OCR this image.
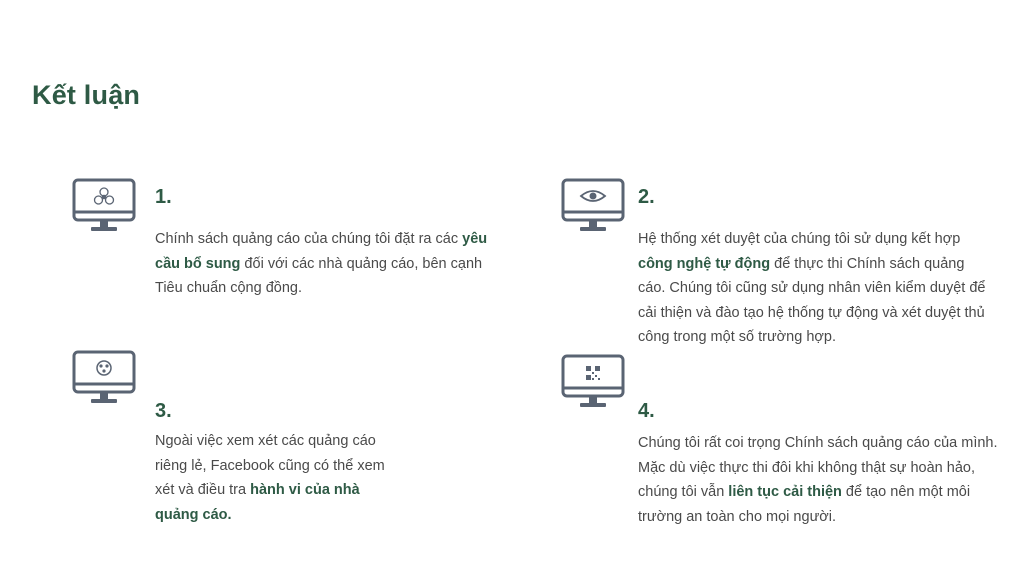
Kết luận
1.

Chính sách quảng cáo của chúng tôi đặt ra các yêu cầu bổ sung đối với các nhà quảng cáo, bên cạnh Tiêu chuẩn cộng đồng.

2.

Hệ thống xét duyệt của chúng tôi sử dụng kết hợp công nghệ tự động để thực thi Chính sách quảng cáo. Chúng tôi cũng sử dụng nhân viên kiểm duyệt để cải thiện và đào tạo hệ thống tự động và xét duyệt thủ công trong một số trường hợp.

3.

Ngoài việc xem xét các quảng cáo riêng lẻ, Facebook cũng có thể xem xét và điều tra hành vi của nhà quảng cáo.

4.

Chúng tôi rất coi trọng Chính sách quảng cáo của mình. Mặc dù việc thực thi đôi khi không thật sự hoàn hảo, chúng tôi vẫn liên tục cải thiện để tạo nên một môi trường an toàn cho mọi người.
